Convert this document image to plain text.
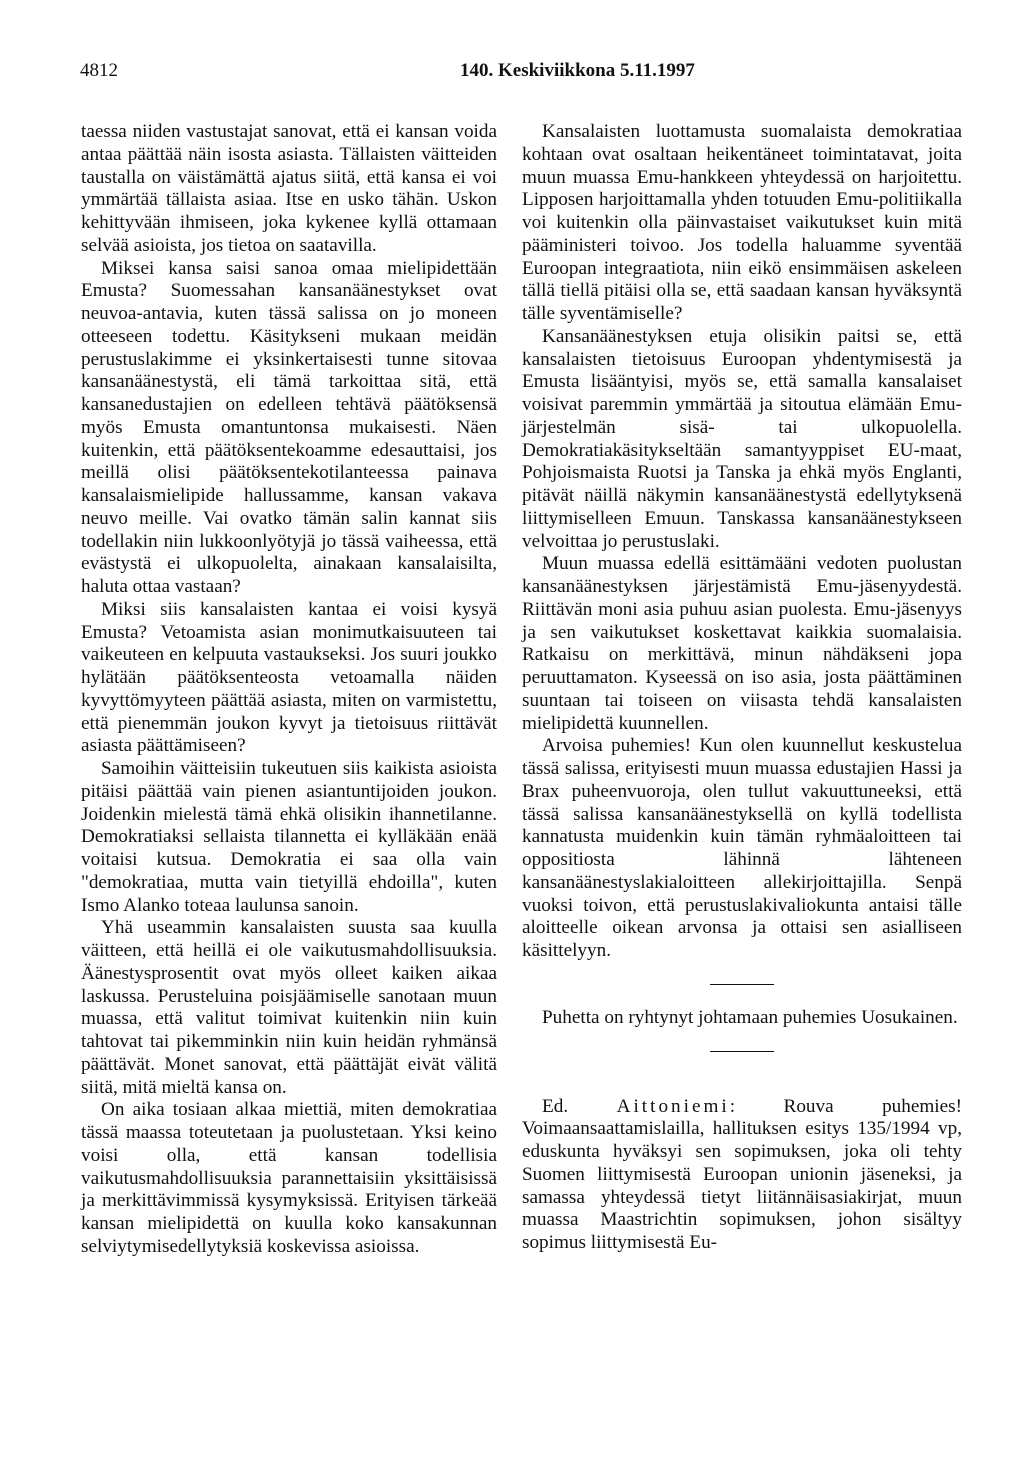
4812	140. Keskiviikkona 5.11.1997

taessa niiden vastustajat sanovat, että ei kansan voida antaa päättää näin isosta asiasta. Tällaisten väitteiden taustalla on väistämättä ajatus siitä, että kansa ei voi ymmärtää tällaista asiaa. Itse en usko tähän. Uskon kehittyvään ihmiseen, joka kykenee kyllä ottamaan selvää asioista, jos tietoa on saatavilla.

Miksei kansa saisi sanoa omaa mielipidettään Emusta? Suomessahan kansanäänestykset ovat neuvoa-antavia, kuten tässä salissa on jo moneen otteeseen todettu. Käsitykseni mukaan meidän perustuslakimme ei yksinkertaisesti tunne sitovaa kansanäänestystä, eli tämä tarkoittaa sitä, että kansanedustajien on edelleen tehtävä päätöksensä myös Emusta omantuntonsa mukaisesti. Näen kuitenkin, että päätöksentekoamme edesauttaisi, jos meillä olisi päätöksentekotilanteessa painava kansalaismielipide hallussamme, kansan vakava neuvo meille. Vai ovatko tämän salin kannat siis todellakin niin lukkoonlyötyjä jo tässä vaiheessa, että evästystä ei ulkopuolelta, ainakaan kansalaisilta, haluta ottaa vastaan?

Miksi siis kansalaisten kantaa ei voisi kysyä Emusta? Vetoamista asian monimutkaisuuteen tai vaikeuteen en kelpuuta vastaukseksi. Jos suuri joukko hylätään päätöksenteosta vetoamalla näiden kyvyttömyyteen päättää asiasta, miten on varmistettu, että pienemmän joukon kyvyt ja tietoisuus riittävät asiasta päättämiseen?

Samoihin väitteisiin tukeutuen siis kaikista asioista pitäisi päättää vain pienen asiantuntijoiden joukon. Joidenkin mielestä tämä ehkä olisikin ihannetilanne. Demokratiaksi sellaista tilannetta ei kylläkään enää voitaisi kutsua. Demokratia ei saa olla vain "demokratiaa, mutta vain tietyillä ehdoilla", kuten Ismo Alanko toteaa laulunsa sanoin.

Yhä useammin kansalaisten suusta saa kuulla väitteen, että heillä ei ole vaikutusmahdollisuuksia. Äänestysprosentit ovat myös olleet kaiken aikaa laskussa. Perusteluina poisjäämiselle sanotaan muun muassa, että valitut toimivat kuitenkin niin kuin tahtovat tai pikemminkin niin kuin heidän ryhmänsä päättävät. Monet sanovat, että päättäjät eivät välitä siitä, mitä mieltä kansa on.

On aika tosiaan alkaa miettiä, miten demokratiaa tässä maassa toteutetaan ja puolustetaan. Yksi keino voisi olla, että kansan todellisia vaikutusmahdollisuuksia parannettaisiin yksittäisissä ja merkittävimmissä kysymyksissä. Erityisen tärkeää kansan mielipidettä on kuulla koko kansakunnan selviytymisedellytyksiä koskevissa asioissa.

Kansalaisten luottamusta suomalaista demokratiaa kohtaan ovat osaltaan heikentäneet toimintatavat, joita muun muassa Emu-hankkeen yhteydessä on harjoitettu. Lipposen harjoittamalla yhden totuuden Emu-politiikalla voi kuitenkin olla päinvastaiset vaikutukset kuin mitä pääministeri toivoo. Jos todella haluamme syventää Euroopan integraatiota, niin eikö ensimmäisen askeleen tällä tiellä pitäisi olla se, että saadaan kansan hyväksyntä tälle syventämiselle?

Kansanäänestyksen etuja olisikin paitsi se, että kansalaisten tietoisuus Euroopan yhdentymisestä ja Emusta lisääntyisi, myös se, että samalla kansalaiset voisivat paremmin ymmärtää ja sitoutua elämään Emu-järjestelmän sisä- tai ulkopuolella. Demokratiakäsitykseltään samantyyppiset EU-maat, Pohjoismaista Ruotsi ja Tanska ja ehkä myös Englanti, pitävät näillä näkymin kansanäänestystä edellytyksenä liittymiselleen Emuun. Tanskassa kansanäänestykseen velvoittaa jo perustuslaki.

Muun muassa edellä esittämääni vedoten puolustan kansanäänestyksen järjestämistä Emu-jäsenyydestä. Riittävän moni asia puhuu asian puolesta. Emu-jäsenyys ja sen vaikutukset koskettavat kaikkia suomalaisia. Ratkaisu on merkittävä, minun nähdäkseni jopa peruuttamaton. Kyseessä on iso asia, josta päättäminen suuntaan tai toiseen on viisasta tehdä kansalaisten mielipidettä kuunnellen.

Arvoisa puhemies! Kun olen kuunnellut keskustelua tässä salissa, erityisesti muun muassa edustajien Hassi ja Brax puheenvuoroja, olen tullut vakuuttuneeksi, että tässä salissa kansanäänestyksellä on kyllä todellista kannatusta muidenkin kuin tämän ryhmäaloitteen tai oppositiosta lähinnä lähteneen kansanäänestyslakialoitteen allekirjoittajilla. Senpä vuoksi toivon, että perustuslakivaliokunta antaisi tälle aloitteelle oikean arvonsa ja ottaisi sen asialliseen käsittelyyn.

Puhetta on ryhtynyt johtamaan puhemies Uosukainen.

Ed.	Aittoniemi: Rouva puhemies! Voimaansaattamislailla, hallituksen esitys 135/1994 vp, eduskunta hyväksyi sen sopimuksen, joka oli tehty Suomen liittymisestä Euroopan unionin jäseneksi, ja samassa yhteydessä tietyt liitännäisasiakirjat, muun muassa Maastrichtin sopimuksen, johon sisältyy sopimus liittymisestä Eu-
